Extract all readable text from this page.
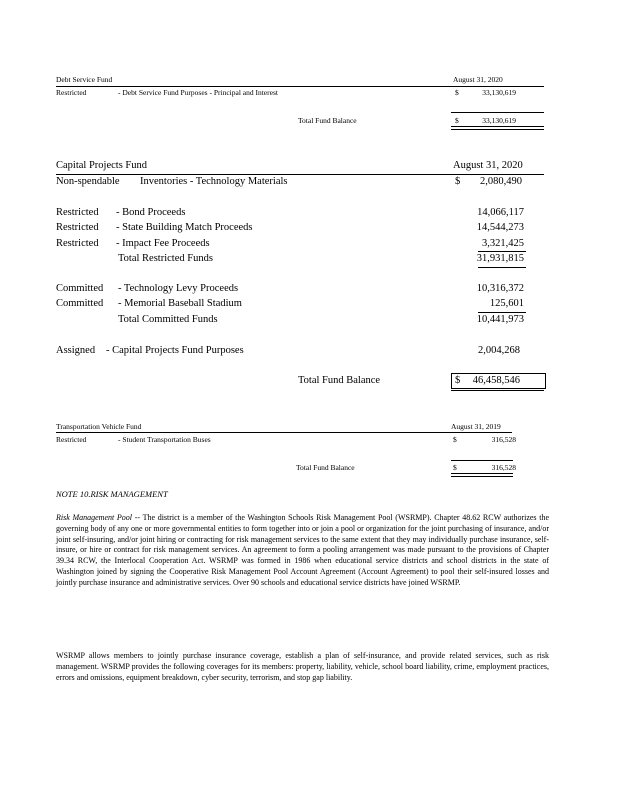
Debt Service Fund	August 31, 2020
Restricted	- Debt Service Fund Purposes - Principal and Interest	$	33,130,619
Total Fund Balance	$	33,130,619
Capital Projects Fund	August 31, 2020
Non-spendable Inventories - Technology Materials	$	2,080,490
Restricted - Bond Proceeds	14,066,117
Restricted - State Building Match Proceeds	14,544,273
Restricted - Impact Fee Proceeds	3,321,425
Total Restricted Funds	31,931,815
Committed - Technology Levy Proceeds	10,316,372
Committed - Memorial Baseball Stadium	125,601
Total Committed Funds	10,441,973
Assigned - Capital Projects Fund Purposes	2,004,268
Total Fund Balance	$ 46,458,546
Transportation Vehicle Fund	August 31, 2019
Restricted	- Student Transportation Buses	$	316,528
Total Fund Balance	$	316,528
NOTE 10.RISK MANAGEMENT
Risk Management Pool -- The district is a member of the Washington Schools Risk Management Pool (WSRMP). Chapter 48.62 RCW authorizes the governing body of any one or more governmental entities to form together into or join a pool or organization for the joint purchasing of insurance, and/or joint self-insuring, and/or joint hiring or contracting for risk management services to the same extent that they may individually purchase insurance, self-insure, or hire or contract for risk management services. An agreement to form a pooling arrangement was made pursuant to the provisions of Chapter 39.34 RCW, the Interlocal Cooperation Act. WSRMP was formed in 1986 when educational service districts and school districts in the state of Washington joined by signing the Cooperative Risk Management Pool Account Agreement (Account Agreement) to pool their self-insured losses and jointly purchase insurance and administrative services. Over 90 schools and educational service districts have joined WSRMP.
WSRMP allows members to jointly purchase insurance coverage, establish a plan of self-insurance, and provide related services, such as risk management. WSRMP provides the following coverages for its members: property, liability, vehicle, school board liability, crime, employment practices, errors and omissions, equipment breakdown, cyber security, terrorism, and stop gap liability.
